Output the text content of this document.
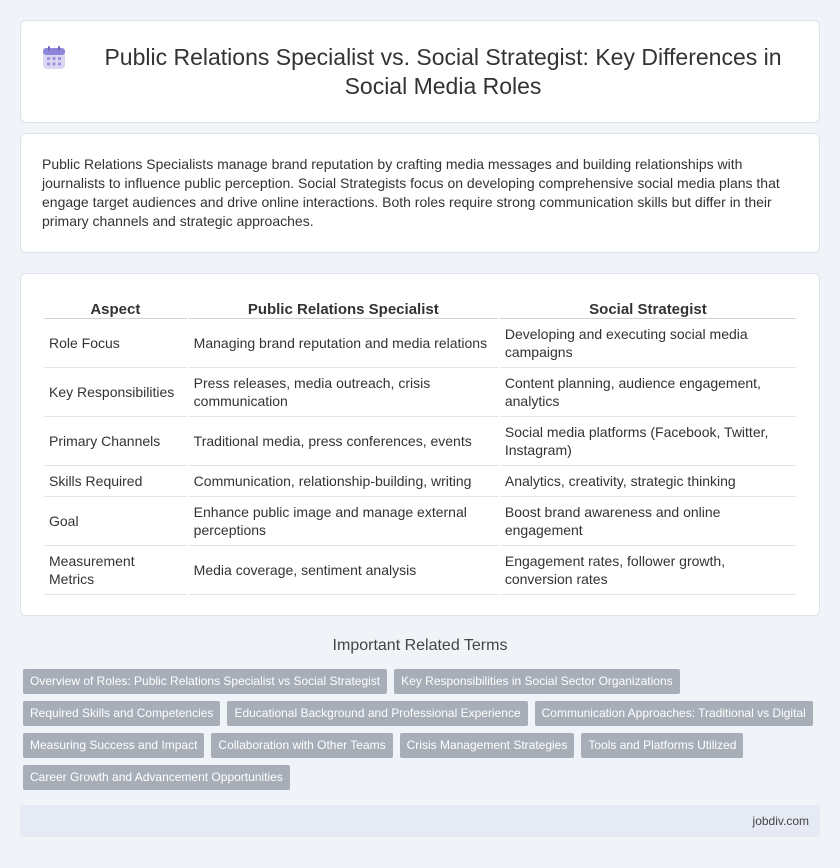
Public Relations Specialist vs. Social Strategist: Key Differences in Social Media Roles

Public Relations Specialists manage brand reputation by crafting media messages and building relationships with journalists to influence public perception. Social Strategists focus on developing comprehensive social media plans that engage target audiences and drive online interactions. Both roles require strong communication skills but differ in their primary channels and strategic approaches.

Aspect	Public Relations Specialist	Social Strategist
Role Focus	Managing brand reputation and media relations	Developing and executing social media campaigns
Key Responsibilities	Press releases, media outreach, crisis communication	Content planning, audience engagement, analytics
Primary Channels	Traditional media, press conferences, events	Social media platforms (Facebook, Twitter, Instagram)
Skills Required	Communication, relationship-building, writing	Analytics, creativity, strategic thinking
Goal	Enhance public image and manage external perceptions	Boost brand awareness and online engagement
Measurement Metrics	Media coverage, sentiment analysis	Engagement rates, follower growth, conversion rates
Important Related Terms
Overview of Roles: Public Relations Specialist vs Social Strategist	Key Responsibilities in Social Sector Organizations
Required Skills and Competencies	Educational Background and Professional Experience	Communication Approaches: Traditional vs Digital
Measuring Success and Impact	Collaboration with Other Teams	Crisis Management Strategies	Tools and Platforms Utilized
Career Growth and Advancement Opportunities
jobdiv.com
